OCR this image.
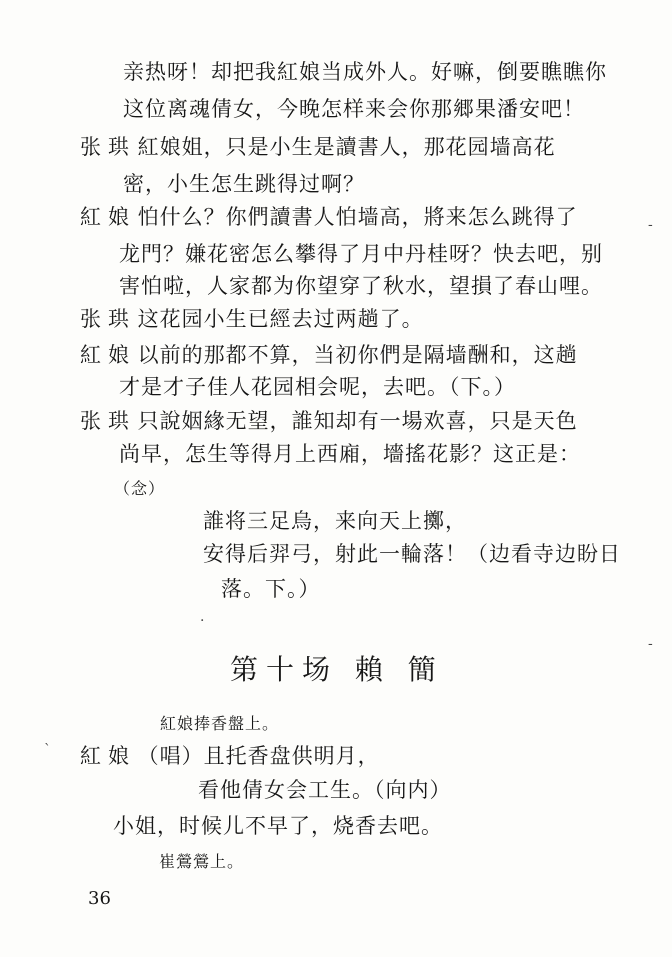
亲热呀！却把我紅娘当成外人。好嘛，倒要瞧瞧你
这位离魂倩女，今晚怎样来会你那郷果潘安吧！
张
珙 紅娘姐，只是小生是讀書人，那花园墙高花
密，小生怎生跳得过啊？
紅
娘 怕什么？你們讀書人怕墙高，將来怎么跳得了
龙門？嫌花密怎么攀得了月中丹桂呀？快去吧，别
害怕啦，人家都为你望穿了秋水，望損了春山哩。
张
珙 这花园小生已經去过两趟了。
紅
娘 以前的那都不算，当初你們是隔墙酬和，这趟
才是才子佳人花园相会呢，去吧。（下。）
张
珙 只說姻緣无望，誰知却有一場欢喜，只是天色
尚早，怎生等得月上西廂，墻搖花影？这正是：
（念）
誰将三足烏，来向天上擲，
安得后羿弓，射此一輪落！（边看寺边盼日
落。下。）
第十场 賴 簡
紅娘捧香盤上。
紅
娘 （唱）且托香盘供明月，
看他倩女会工生。（向内）
小姐，时候儿不早了，烧香去吧。
崔鶯鶯上。
36
-
-
`
·
